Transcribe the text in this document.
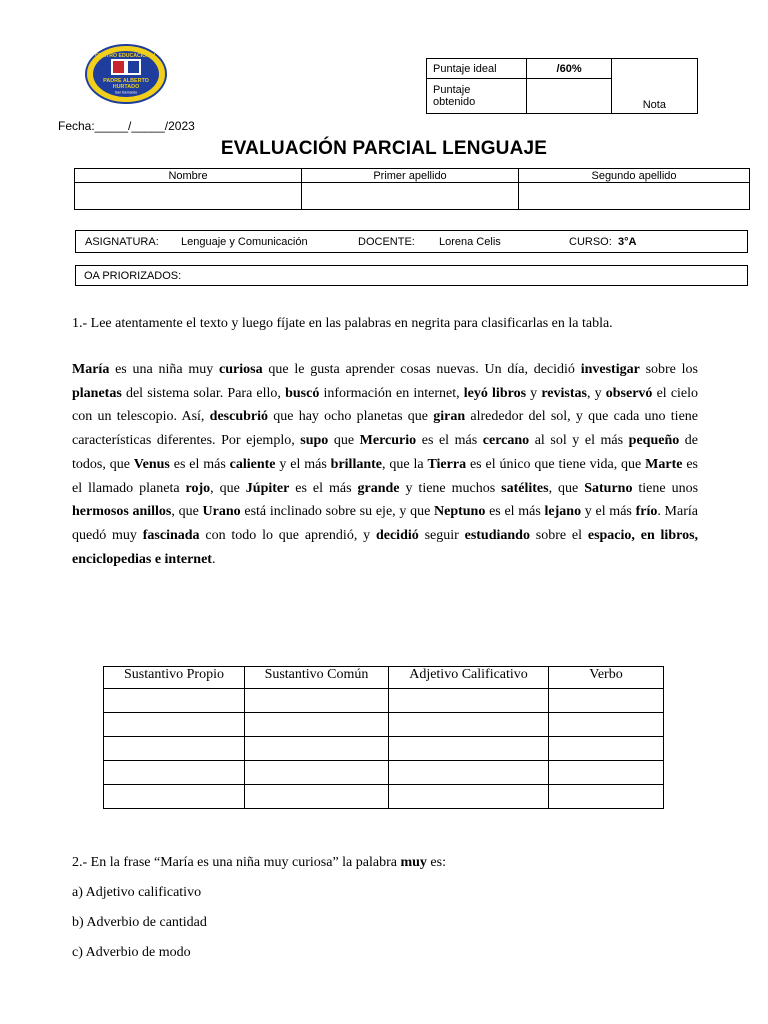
CENTRO EDUCACIONAL
PADRE ALBERTO
HURTADO
San Bernardo
Puntaje ideal	/60%	Nota
Puntaje
obtenido		
Fecha:_____/_____/2023
EVALUACIÓN PARCIAL LENGUAJE
Nombre	Primer apellido	Segundo apellido

ASIGNATURA: Lenguaje y Comunicación	DOCENTE: Lorena Celis	CURSO: 3°A
OA PRIORIZADOS:
1.- Lee atentamente el texto y luego fíjate en las palabras en negrita para clasificarlas en la tabla.
María es una niña muy curiosa que le gusta aprender cosas nuevas. Un día, decidió investigar sobre los planetas del sistema solar. Para ello, buscó información en internet, leyó libros y revistas, y observó el cielo con un telescopio. Así, descubrió que hay ocho planetas que giran alrededor del sol, y que cada uno tiene características diferentes. Por ejemplo, supo que Mercurio es el más cercano al sol y el más pequeño de todos, que Venus es el más caliente y el más brillante, que la Tierra es el único que tiene vida, que Marte es el llamado planeta rojo, que Júpiter es el más grande y tiene muchos satélites, que Saturno tiene unos hermosos anillos, que Urano está inclinado sobre su eje, y que Neptuno es el más lejano y el más frío. María quedó muy fascinada con todo lo que aprendió, y decidió seguir estudiando sobre el espacio, en libros, enciclopedias e internet.
Sustantivo Propio	Sustantivo Común	Adjetivo Calificativo	Verbo

2.- En la frase “María es una niña muy curiosa” la palabra muy es:
a) Adjetivo calificativo
b) Adverbio de cantidad
c) Adverbio de modo
